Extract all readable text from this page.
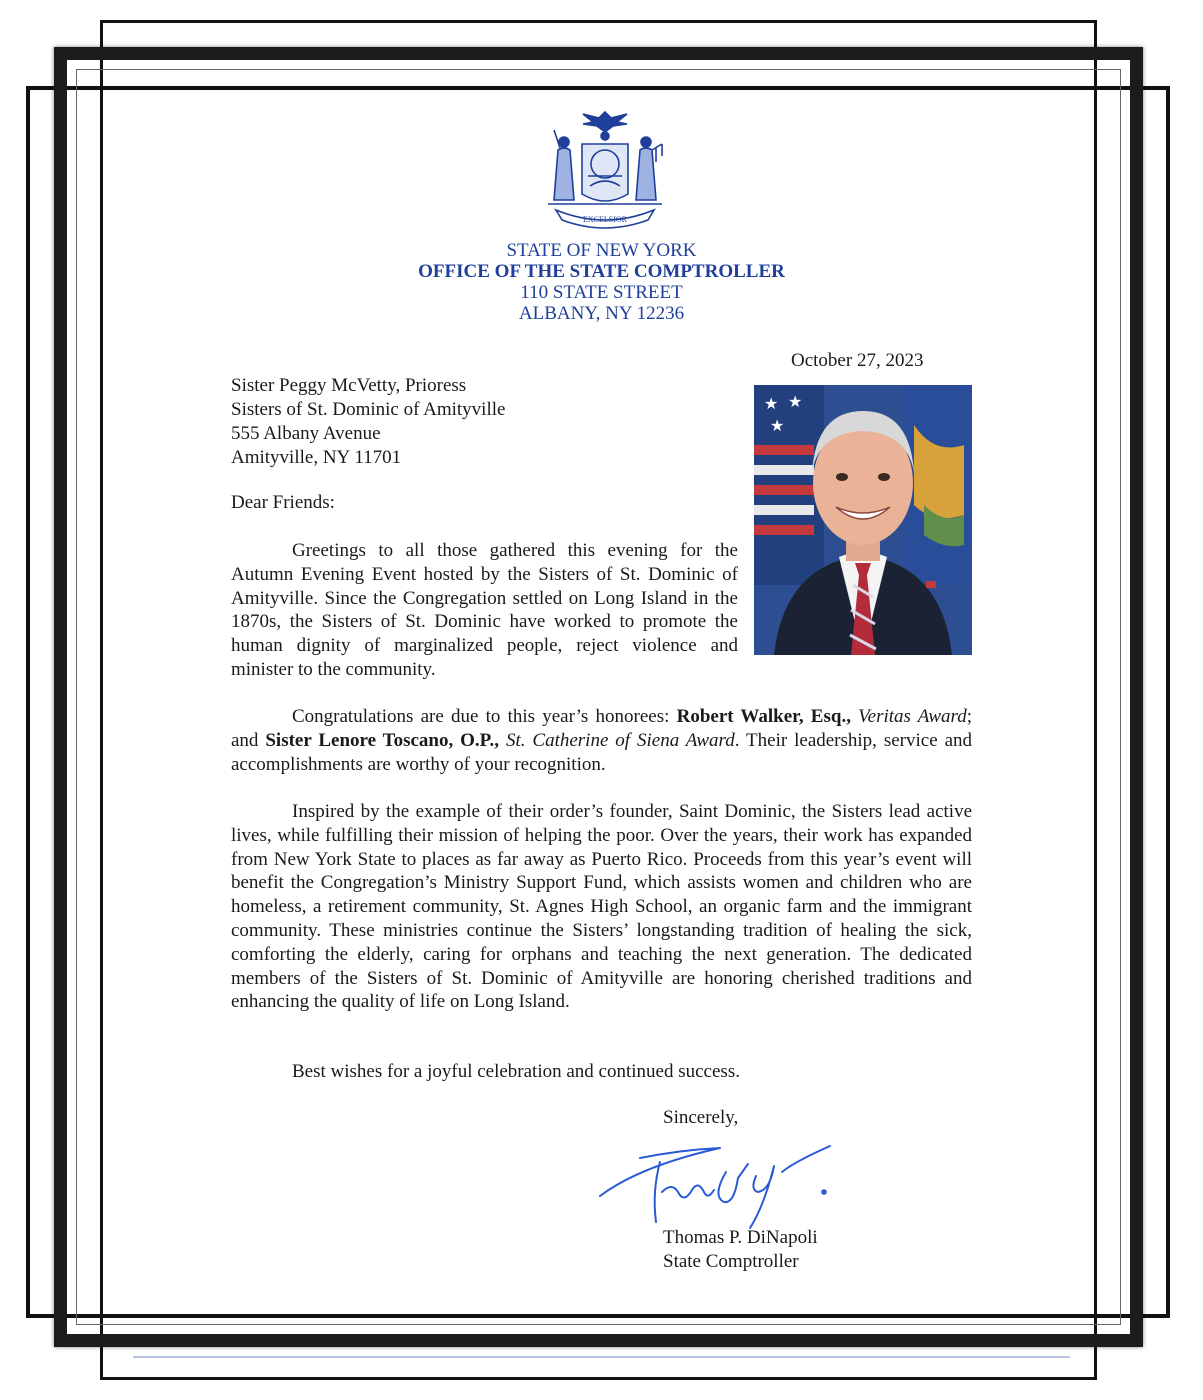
EXCELSIOR
STATE OF NEW YORK
OFFICE OF THE STATE COMPTROLLER
110 STATE STREET
ALBANY, NY 12236
October 27, 2023
Sister Peggy McVetty, Prioress
Sisters of St. Dominic of Amityville
555 Albany Avenue
Amityville, NY 11701
Dear Friends:
★ ★
★
Greetings to all those gathered this evening for the Autumn Evening Event hosted by the Sisters of St. Dominic of Amityville. Since the Congregation settled on Long Island in the 1870s, the Sisters of St. Dominic have worked to promote the human dignity of marginalized people, reject violence and minister to the community.
Congratulations are due to this year’s honorees: Robert Walker, Esq., Veritas Award; and Sister Lenore Toscano, O.P., St. Catherine of Siena Award. Their leadership, service and accomplishments are worthy of your recognition.
Inspired by the example of their order’s founder, Saint Dominic, the Sisters lead active lives, while fulfilling their mission of helping the poor. Over the years, their work has expanded from New York State to places as far away as Puerto Rico. Proceeds from this year’s event will benefit the Congregation’s Ministry Support Fund, which assists women and children who are homeless, a retirement community, St. Agnes High School, an organic farm and the immigrant community. These ministries continue the Sisters’ longstanding tradition of healing the sick, comforting the elderly, caring for orphans and teaching the next generation. The dedicated members of the Sisters of St. Dominic of Amityville are honoring cherished traditions and enhancing the quality of life on Long Island.
Best wishes for a joyful celebration and continued success.
Sincerely,
Thomas P. DiNapoli
State Comptroller
